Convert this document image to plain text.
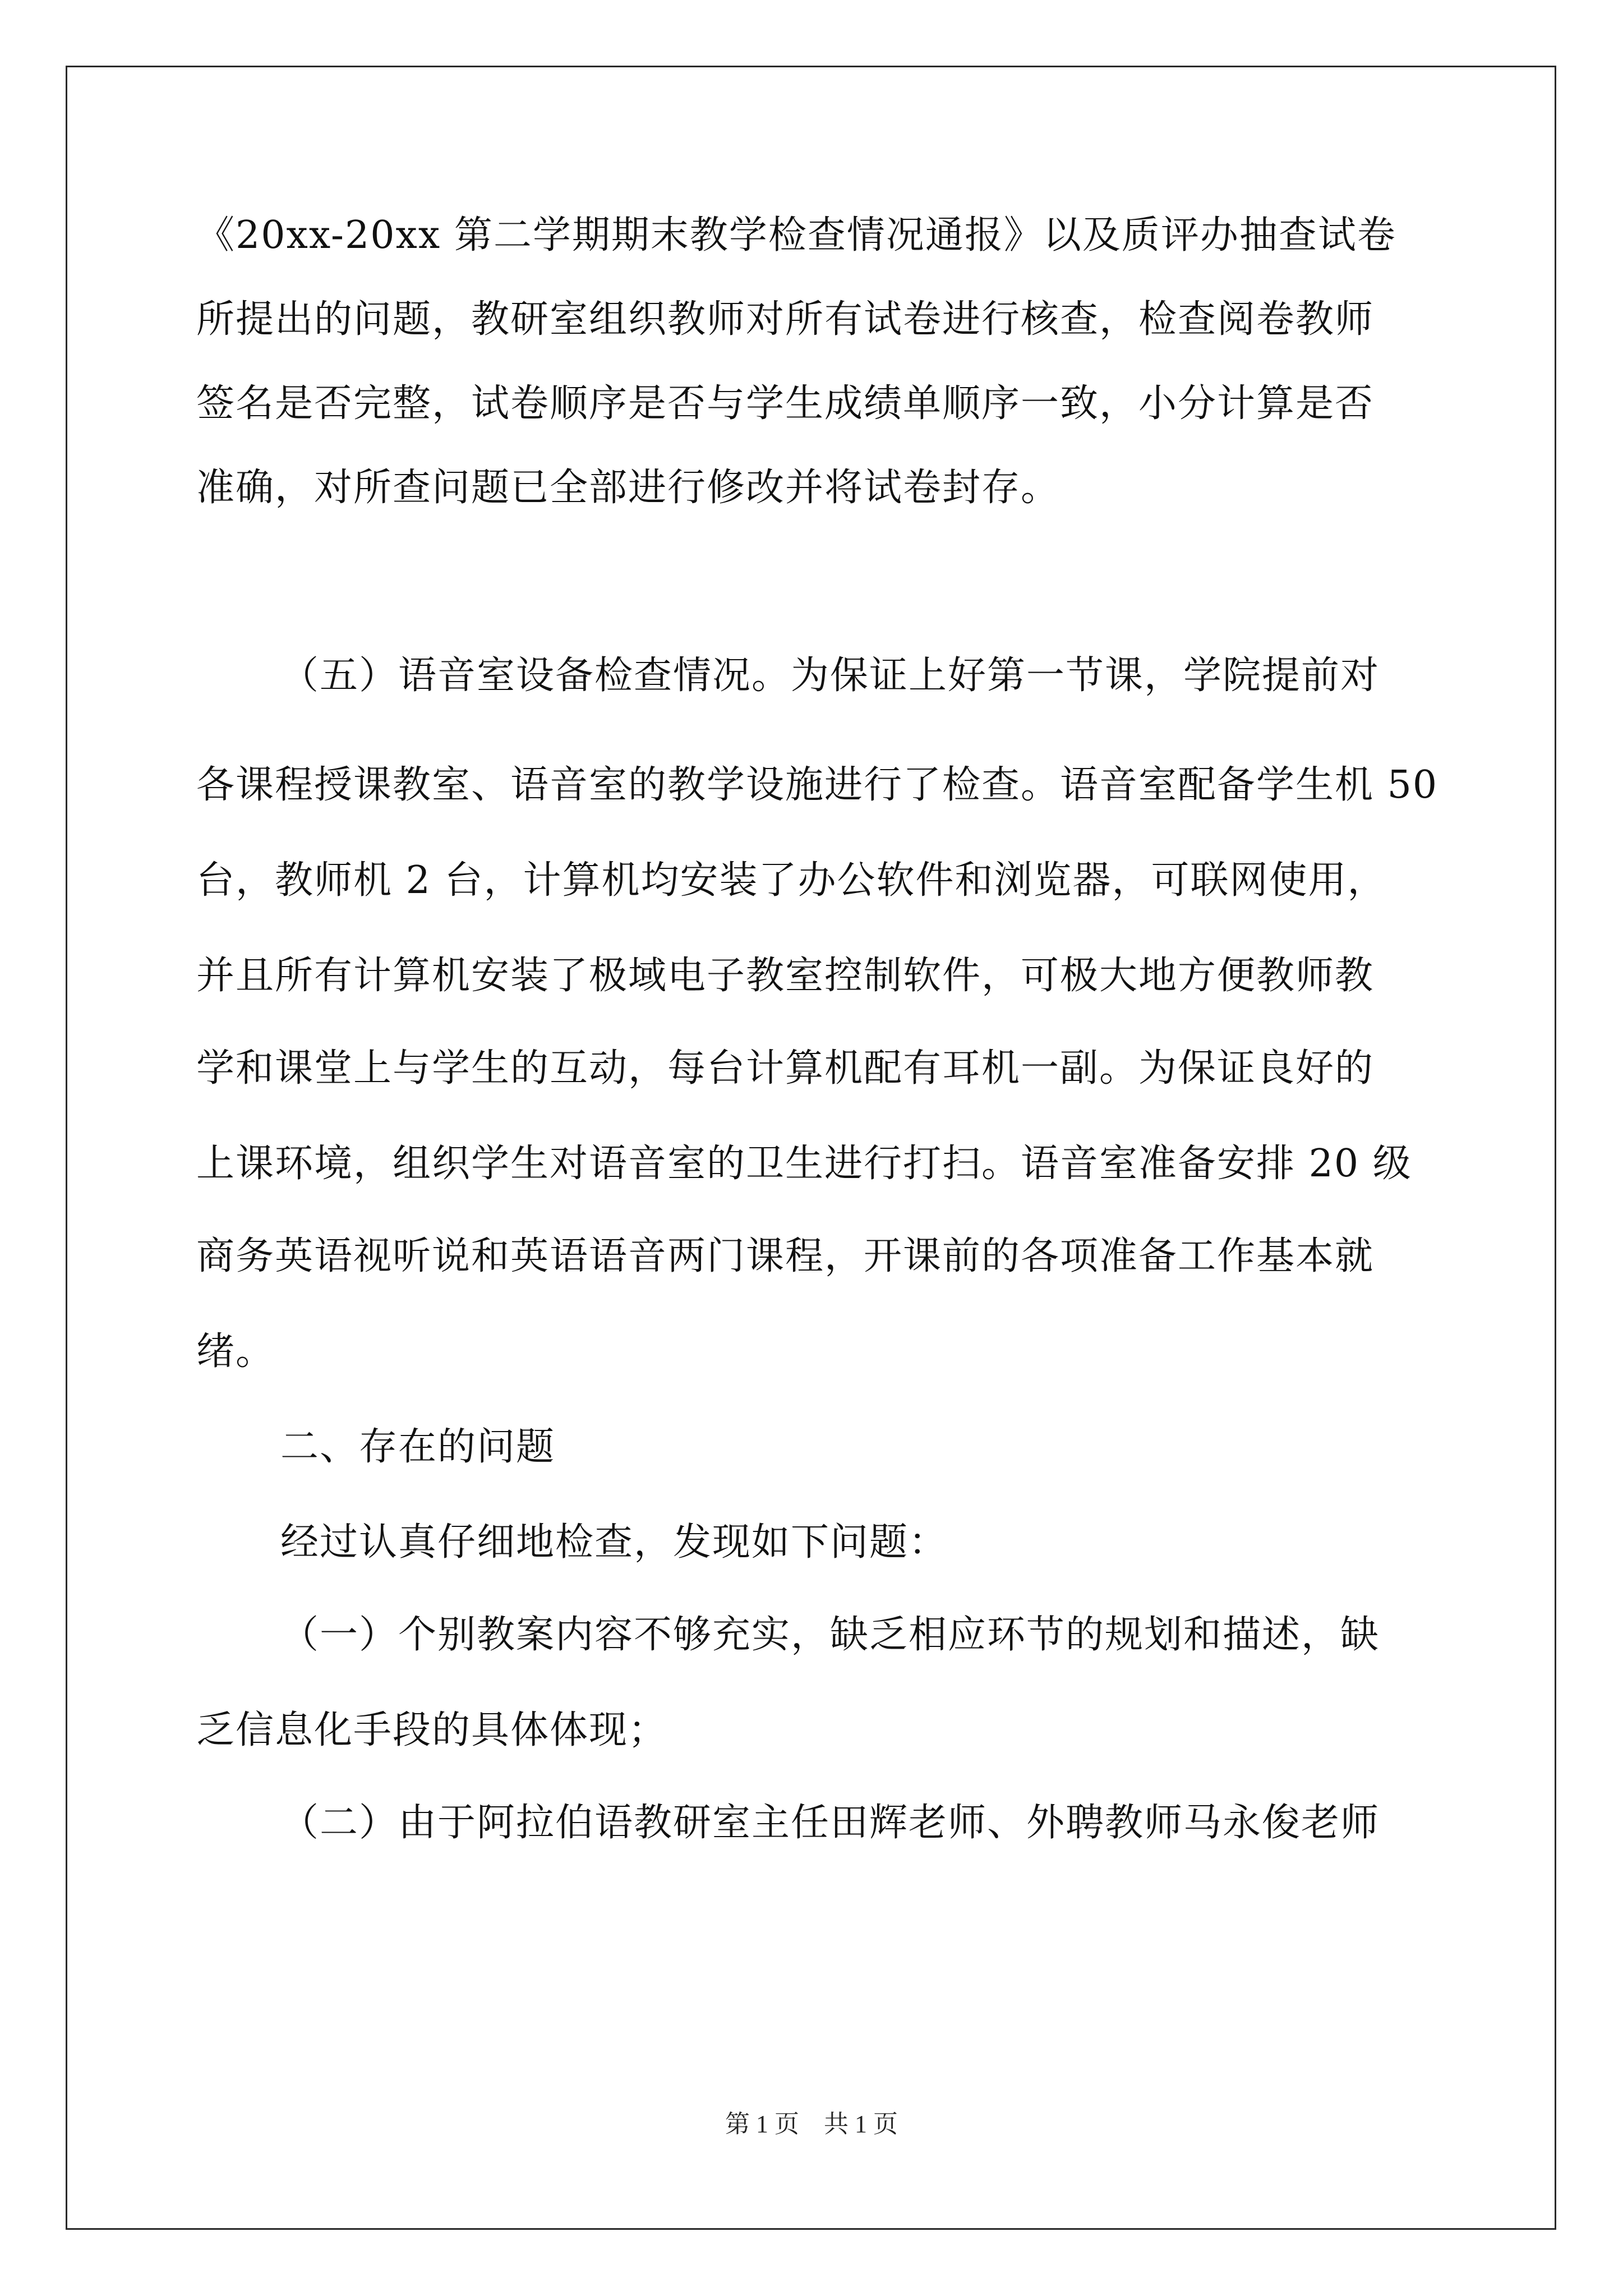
《20xx-20xx 第二学期期末教学检查情况通报》以及质评办抽查试卷
所提出的问题，教研室组织教师对所有试卷进行核查，检查阅卷教师
签名是否完整，试卷顺序是否与学生成绩单顺序一致，小分计算是否
准确，对所查问题已全部进行修改并将试卷封存。
（五）语音室设备检查情况。为保证上好第一节课，学院提前对
各课程授课教室、语音室的教学设施进行了检查。语音室配备学生机 50
台，教师机 2 台，计算机均安装了办公软件和浏览器，可联网使用，
并且所有计算机安装了极域电子教室控制软件，可极大地方便教师教
学和课堂上与学生的互动，每台计算机配有耳机一副。为保证良好的
上课环境，组织学生对语音室的卫生进行打扫。语音室准备安排 20 级
商务英语视听说和英语语音两门课程，开课前的各项准备工作基本就
绪。
二、存在的问题
经过认真仔细地检查，发现如下问题：
（一）个别教案内容不够充实，缺乏相应环节的规划和描述，缺
乏信息化手段的具体体现；
（二）由于阿拉伯语教研室主任田辉老师、外聘教师马永俊老师
第 1 页　共 1 页
